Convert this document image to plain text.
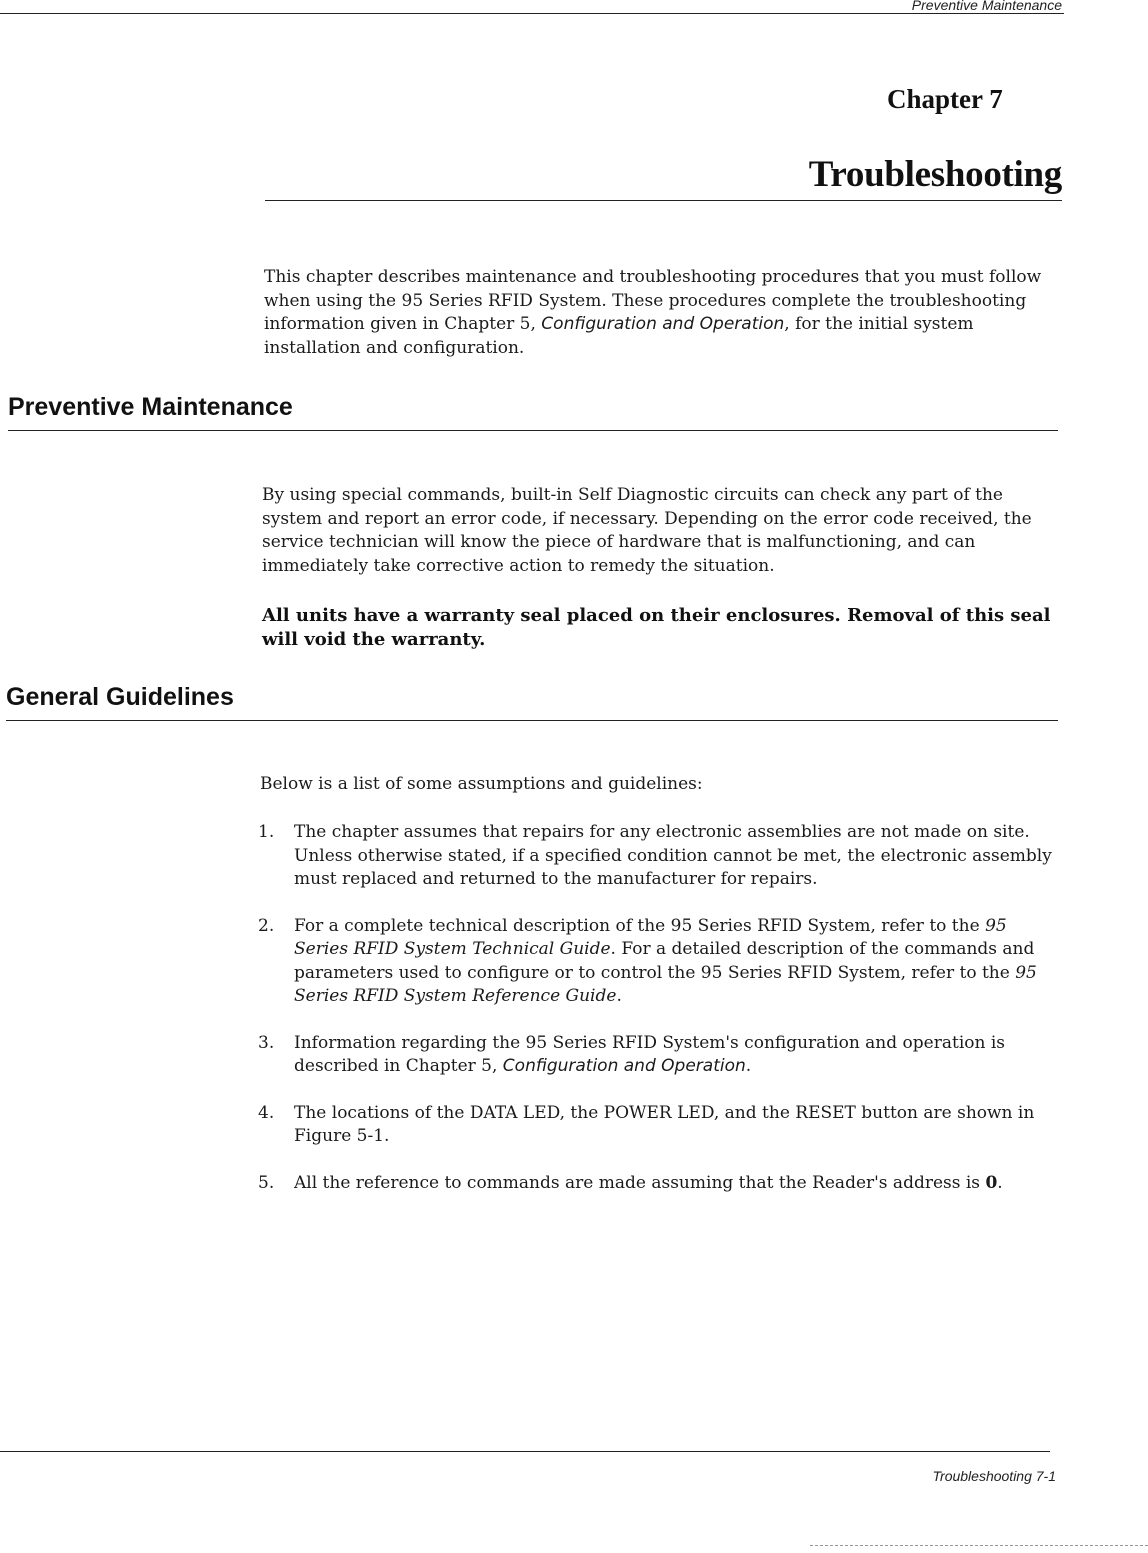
Preventive Maintenance
Chapter 7
Troubleshooting
This chapter describes maintenance and troubleshooting procedures that you must follow when using the 95 Series RFID System. These procedures complete the troubleshooting information given in Chapter 5, Configuration and Operation, for the initial system installation and configuration.
Preventive Maintenance
By using special commands, built-in Self Diagnostic circuits can check any part of the system and report an error code, if necessary. Depending on the error code received, the service technician will know the piece of hardware that is malfunctioning, and can immediately take corrective action to remedy the situation.
All units have a warranty seal placed on their enclosures. Removal of this seal will void the warranty.
General Guidelines
Below is a list of some assumptions and guidelines:
1. The chapter assumes that repairs for any electronic assemblies are not made on site. Unless otherwise stated, if a specified condition cannot be met, the electronic assembly must replaced and returned to the manufacturer for repairs.
2. For a complete technical description of the 95 Series RFID System, refer to the 95 Series RFID System Technical Guide. For a detailed description of the commands and parameters used to configure or to control the 95 Series RFID System, refer to the 95 Series RFID System Reference Guide.
3. Information regarding the 95 Series RFID System's configuration and operation is described in Chapter 5, Configuration and Operation.
4. The locations of the DATA LED, the POWER LED, and the RESET button are shown in Figure 5-1.
5. All the reference to commands are made assuming that the Reader's address is 0.
Troubleshooting 7-1
